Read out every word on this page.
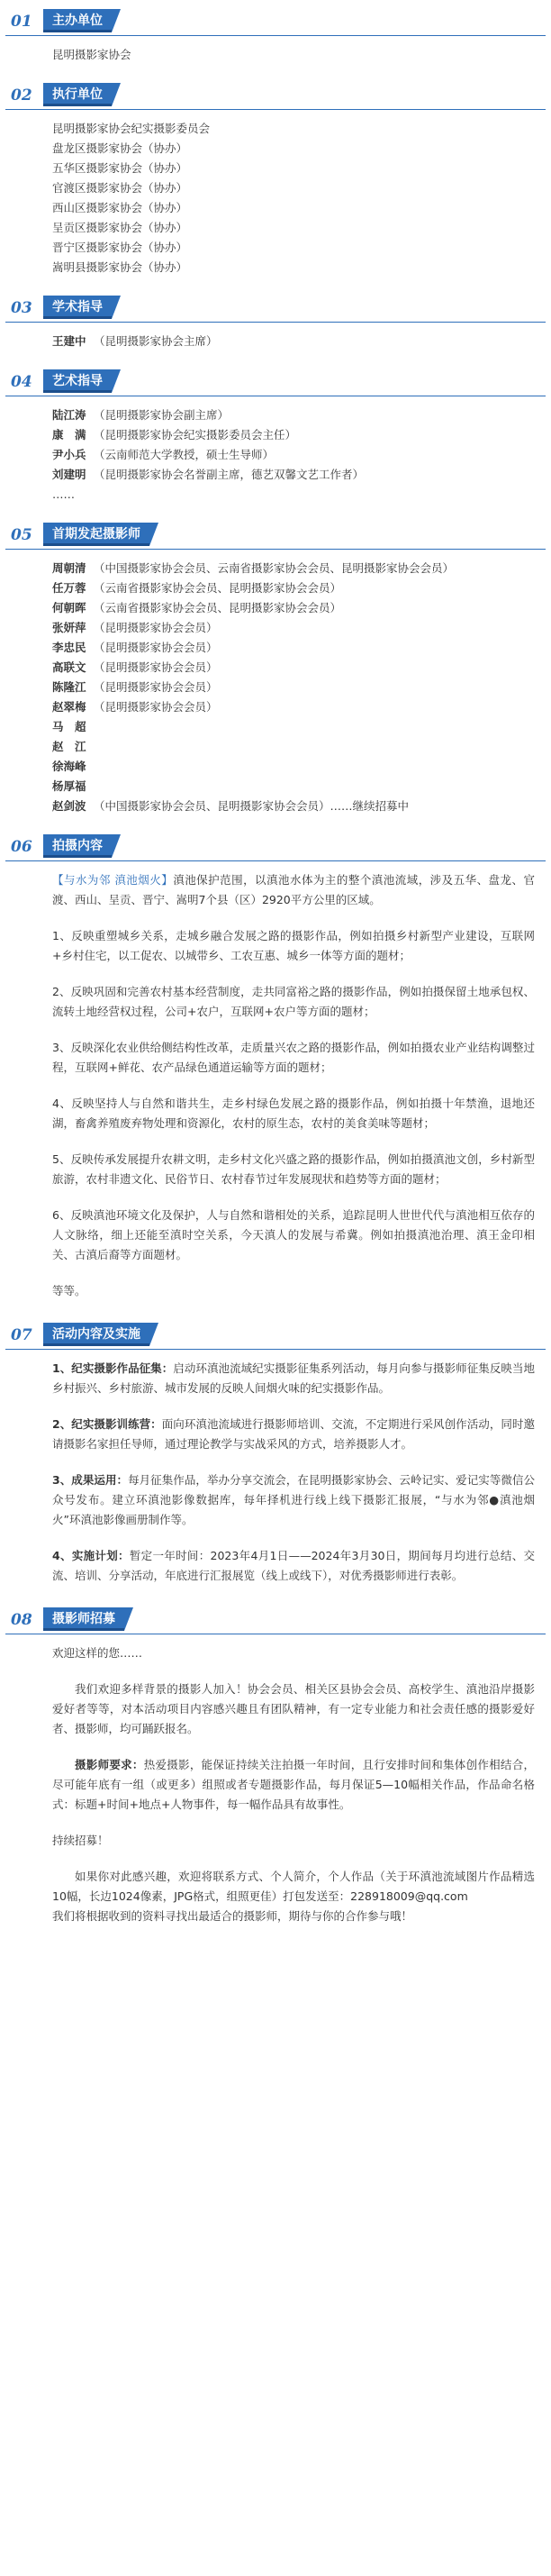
01	主办单位
昆明摄影家协会
02	执行单位
昆明摄影家协会纪实摄影委员会
盘龙区摄影家协会（协办）
五华区摄影家协会（协办）
官渡区摄影家协会（协办）
西山区摄影家协会（协办）
呈贡区摄影家协会（协办）
晋宁区摄影家协会（协办）
嵩明县摄影家协会（协办）
03	学术指导
王建中 （昆明摄影家协会主席）
04	艺术指导
陆江涛 （昆明摄影家协会副主席）
康　满 （昆明摄影家协会纪实摄影委员会主任）
尹小兵 （云南师范大学教授，硕士生导师）
刘建明 （昆明摄影家协会名誉副主席，德艺双馨文艺工作者）
……
05	首期发起摄影师
周朝清 （中国摄影家协会会员、云南省摄影家协会会员、昆明摄影家协会会员）
任万蓉 （云南省摄影家协会会员、昆明摄影家协会会员）
何朝晖 （云南省摄影家协会会员、昆明摄影家协会会员）
张妍萍 （昆明摄影家协会会员）
李忠民 （昆明摄影家协会会员）
高联文 （昆明摄影家协会会员）
陈隆江 （昆明摄影家协会会员）
赵翠梅 （昆明摄影家协会会员）
马　超
赵　江
徐海峰
杨厚福
赵剑波 （中国摄影家协会会员、昆明摄影家协会会员）……继续招募中
06	拍摄内容

【与水为邻 滇池烟火】滇池保护范围，以滇池水体为主的整个滇池流域，涉及五华、盘龙、官渡、西山、呈贡、晋宁、嵩明7个县（区）2920平方公里的区域。

1、反映重塑城乡关系，走城乡融合发展之路的摄影作品，例如拍摄乡村新型产业建设，互联网+乡村住宅，以工促农、以城带乡、工农互惠、城乡一体等方面的题材；

2、反映巩固和完善农村基本经营制度，走共同富裕之路的摄影作品，例如拍摄保留土地承包权、流转土地经营权过程，公司+农户，互联网+农户等方面的题材；

3、反映深化农业供给侧结构性改革，走质量兴农之路的摄影作品，例如拍摄农业产业结构调整过程，互联网+鲜花、农产品绿色通道运输等方面的题材；

4、反映坚持人与自然和谐共生，走乡村绿色发展之路的摄影作品，例如拍摄十年禁渔，退地还湖，畜禽养殖废弃物处理和资源化，农村的原生态，农村的美食美味等题材；

5、反映传承发展提升农耕文明，走乡村文化兴盛之路的摄影作品，例如拍摄滇池文创，乡村新型旅游，农村非遗文化、民俗节日、农村春节过年发展现状和趋势等方面的题材；

6、反映滇池环境文化及保护，人与自然和谐相处的关系，追踪昆明人世世代代与滇池相互依存的人文脉络，细上还能至滇时空关系，今天滇人的发展与希冀。例如拍摄滇池治理、滇王金印相关、古滇后裔等方面题材。

等等。

07	活动内容及实施

1、纪实摄影作品征集：启动环滇池流域纪实摄影征集系列活动，每月向参与摄影师征集反映当地乡村振兴、乡村旅游、城市发展的反映人间烟火味的纪实摄影作品。

2、纪实摄影训练营：面向环滇池流域进行摄影师培训、交流，不定期进行采风创作活动，同时邀请摄影名家担任导师，通过理论教学与实战采风的方式，培养摄影人才。

3、成果运用：每月征集作品，举办分享交流会，在昆明摄影家协会、云岭记实、爱记实等微信公众号发布。建立环滇池影像数据库，每年择机进行线上线下摄影汇报展，“与水为邻●滇池烟火”环滇池影像画册制作等。

4、实施计划：暂定一年时间：2023年4月1日——2024年3月30日，期间每月均进行总结、交流、培训、分享活动，年底进行汇报展览（线上或线下），对优秀摄影师进行表彰。

08	摄影师招募

欢迎这样的您……

我们欢迎多样背景的摄影人加入！协会会员、相关区县协会会员、高校学生、滇池沿岸摄影爱好者等等，对本活动项目内容感兴趣且有团队精神，有一定专业能力和社会责任感的摄影爱好者、摄影师，均可踊跃报名。

摄影师要求：热爱摄影，能保证持续关注拍摄一年时间，且行安排时间和集体创作相结合，尽可能年底有一组（或更多）组照或者专题摄影作品，每月保证5—10幅相关作品，作品命名格式：标题+时间+地点+人物事件，每一幅作品具有故事性。

持续招募！

如果你对此感兴趣，欢迎将联系方式、个人简介，个人作品（关于环滇池流域图片作品精选10幅，长边1024像素，JPG格式，组照更佳）打包发送至：228918009@qq.com

我们将根据收到的资料寻找出最适合的摄影师，期待与你的合作参与哦！
